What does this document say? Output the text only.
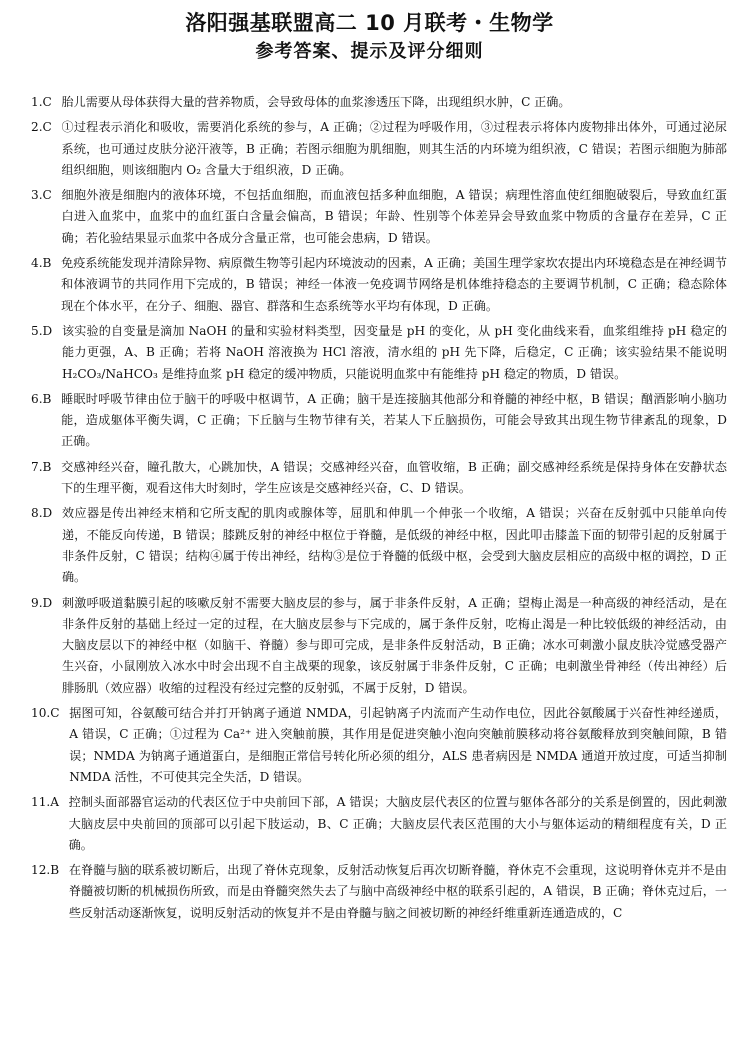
洛阳强基联盟高二 10 月联考・生物学
参考答案、提示及评分细则
1.C 胎儿需要从母体获得大量的营养物质，会导致母体的血浆渗透压下降，出现组织水肿，C 正确。
2.C ①过程表示消化和吸收，需要消化系统的参与，A 正确；②过程为呼吸作用，③过程表示将体内废物排出体外，可通过泌尿系统，也可通过皮肤分泌汗液等，B 正确；若图示细胞为肌细胞，则其生活的内环境为组织液，C 错误；若图示细胞为肺部组织细胞，则该细胞内 O₂ 含量大于组织液，D 正确。
3.C 细胞外液是细胞内的液体环境，不包括血细胞，而血液包括多种血细胞，A 错误；病理性溶血使红细胞破裂后，导致血红蛋白进入血浆中，血浆中的血红蛋白含量会偏高，B 错误；年龄、性别等个体差异会导致血浆中物质的含量存在差异，C 正确；若化验结果显示血浆中各成分含量正常，也可能会患病，D 错误。
4.B 免疫系统能发现并清除异物、病原微生物等引起内环境波动的因素，A 正确；美国生理学家坎农提出内环境稳态是在神经调节和体液调节的共同作用下完成的，B 错误；神经一体液一免疫调节网络是机体维持稳态的主要调节机制，C 正确；稳态除体现在个体水平，在分子、细胞、器官、群落和生态系统等水平均有体现，D 正确。
5.D 该实验的自变量是滴加 NaOH 的量和实验材料类型，因变量是 pH 的变化，从 pH 变化曲线来看，血浆组维持 pH 稳定的能力更强，A、B 正确；若将 NaOH 溶液换为 HCl 溶液，清水组的 pH 先下降，后稳定，C 正确；该实验结果不能说明 H₂CO₃/NaHCO₃ 是维持血浆 pH 稳定的缓冲物质，只能说明血浆中有能维持 pH 稳定的物质，D 错误。
6.B 睡眠时呼吸节律由位于脑干的呼吸中枢调节，A 正确；脑干是连接脑其他部分和脊髓的神经中枢，B 错误；酗酒影响小脑功能，造成躯体平衡失调，C 正确；下丘脑与生物节律有关，若某人下丘脑损伤，可能会导致其出现生物节律紊乱的现象，D 正确。
7.B 交感神经兴奋，瞳孔散大，心跳加快，A 错误；交感神经兴奋，血管收缩，B 正确；副交感神经系统是保持身体在安静状态下的生理平衡，观看这伟大时刻时，学生应该是交感神经兴奋，C、D 错误。
8.D 效应器是传出神经末梢和它所支配的肌肉或腺体等，屈肌和伸肌一个伸张一个收缩，A 错误；兴奋在反射弧中只能单向传递，不能反向传递，B 错误；膝跳反射的神经中枢位于脊髓，是低级的神经中枢，因此叩击膝盖下面的韧带引起的反射属于非条件反射，C 错误；结构④属于传出神经，结构③是位于脊髓的低级中枢，会受到大脑皮层相应的高级中枢的调控，D 正确。
9.D 刺激呼吸道黏膜引起的咳嗽反射不需要大脑皮层的参与，属于非条件反射，A 正确；望梅止渴是一种高级的神经活动，是在非条件反射的基础上经过一定的过程，在大脑皮层参与下完成的，属于条件反射，吃梅止渴是一种比较低级的神经活动，由大脑皮层以下的神经中枢（如脑干、脊髓）参与即可完成，是非条件反射活动，B 正确；冰水可刺激小鼠皮肤冷觉感受器产生兴奋，小鼠刚放入冰水中时会出现不自主战栗的现象，该反射属于非条件反射，C 正确；电刺激坐骨神经（传出神经）后腓肠肌（效应器）收缩的过程没有经过完整的反射弧，不属于反射，D 错误。
10.C 据图可知，谷氨酸可结合并打开钠离子通道 NMDA，引起钠离子内流而产生动作电位，因此谷氨酸属于兴奋性神经递质，A 错误，C 正确；①过程为 Ca²⁺ 进入突触前膜，其作用是促进突触小泡向突触前膜移动将谷氨酸释放到突触间隙，B 错误；NMDA 为钠离子通道蛋白，是细胞正常信号转化所必须的组分，ALS 患者病因是 NMDA 通道开放过度，可适当抑制 NMDA 活性，不可使其完全失活，D 错误。
11.A 控制头面部器官运动的代表区位于中央前回下部，A 错误；大脑皮层代表区的位置与躯体各部分的关系是倒置的，因此刺激大脑皮层中央前回的顶部可以引起下肢运动，B、C 正确；大脑皮层代表区范围的大小与躯体运动的精细程度有关，D 正确。
12.B 在脊髓与脑的联系被切断后，出现了脊休克现象，反射活动恢复后再次切断脊髓，脊休克不会重现，这说明脊休克并不是由脊髓被切断的机械损伤所致，而是由脊髓突然失去了与脑中高级神经中枢的联系引起的，A 错误，B 正确；脊休克过后，一些反射活动逐渐恢复，说明反射活动的恢复并不是由脊髓与脑之间被切断的神经纤维重新连通造成的，C
